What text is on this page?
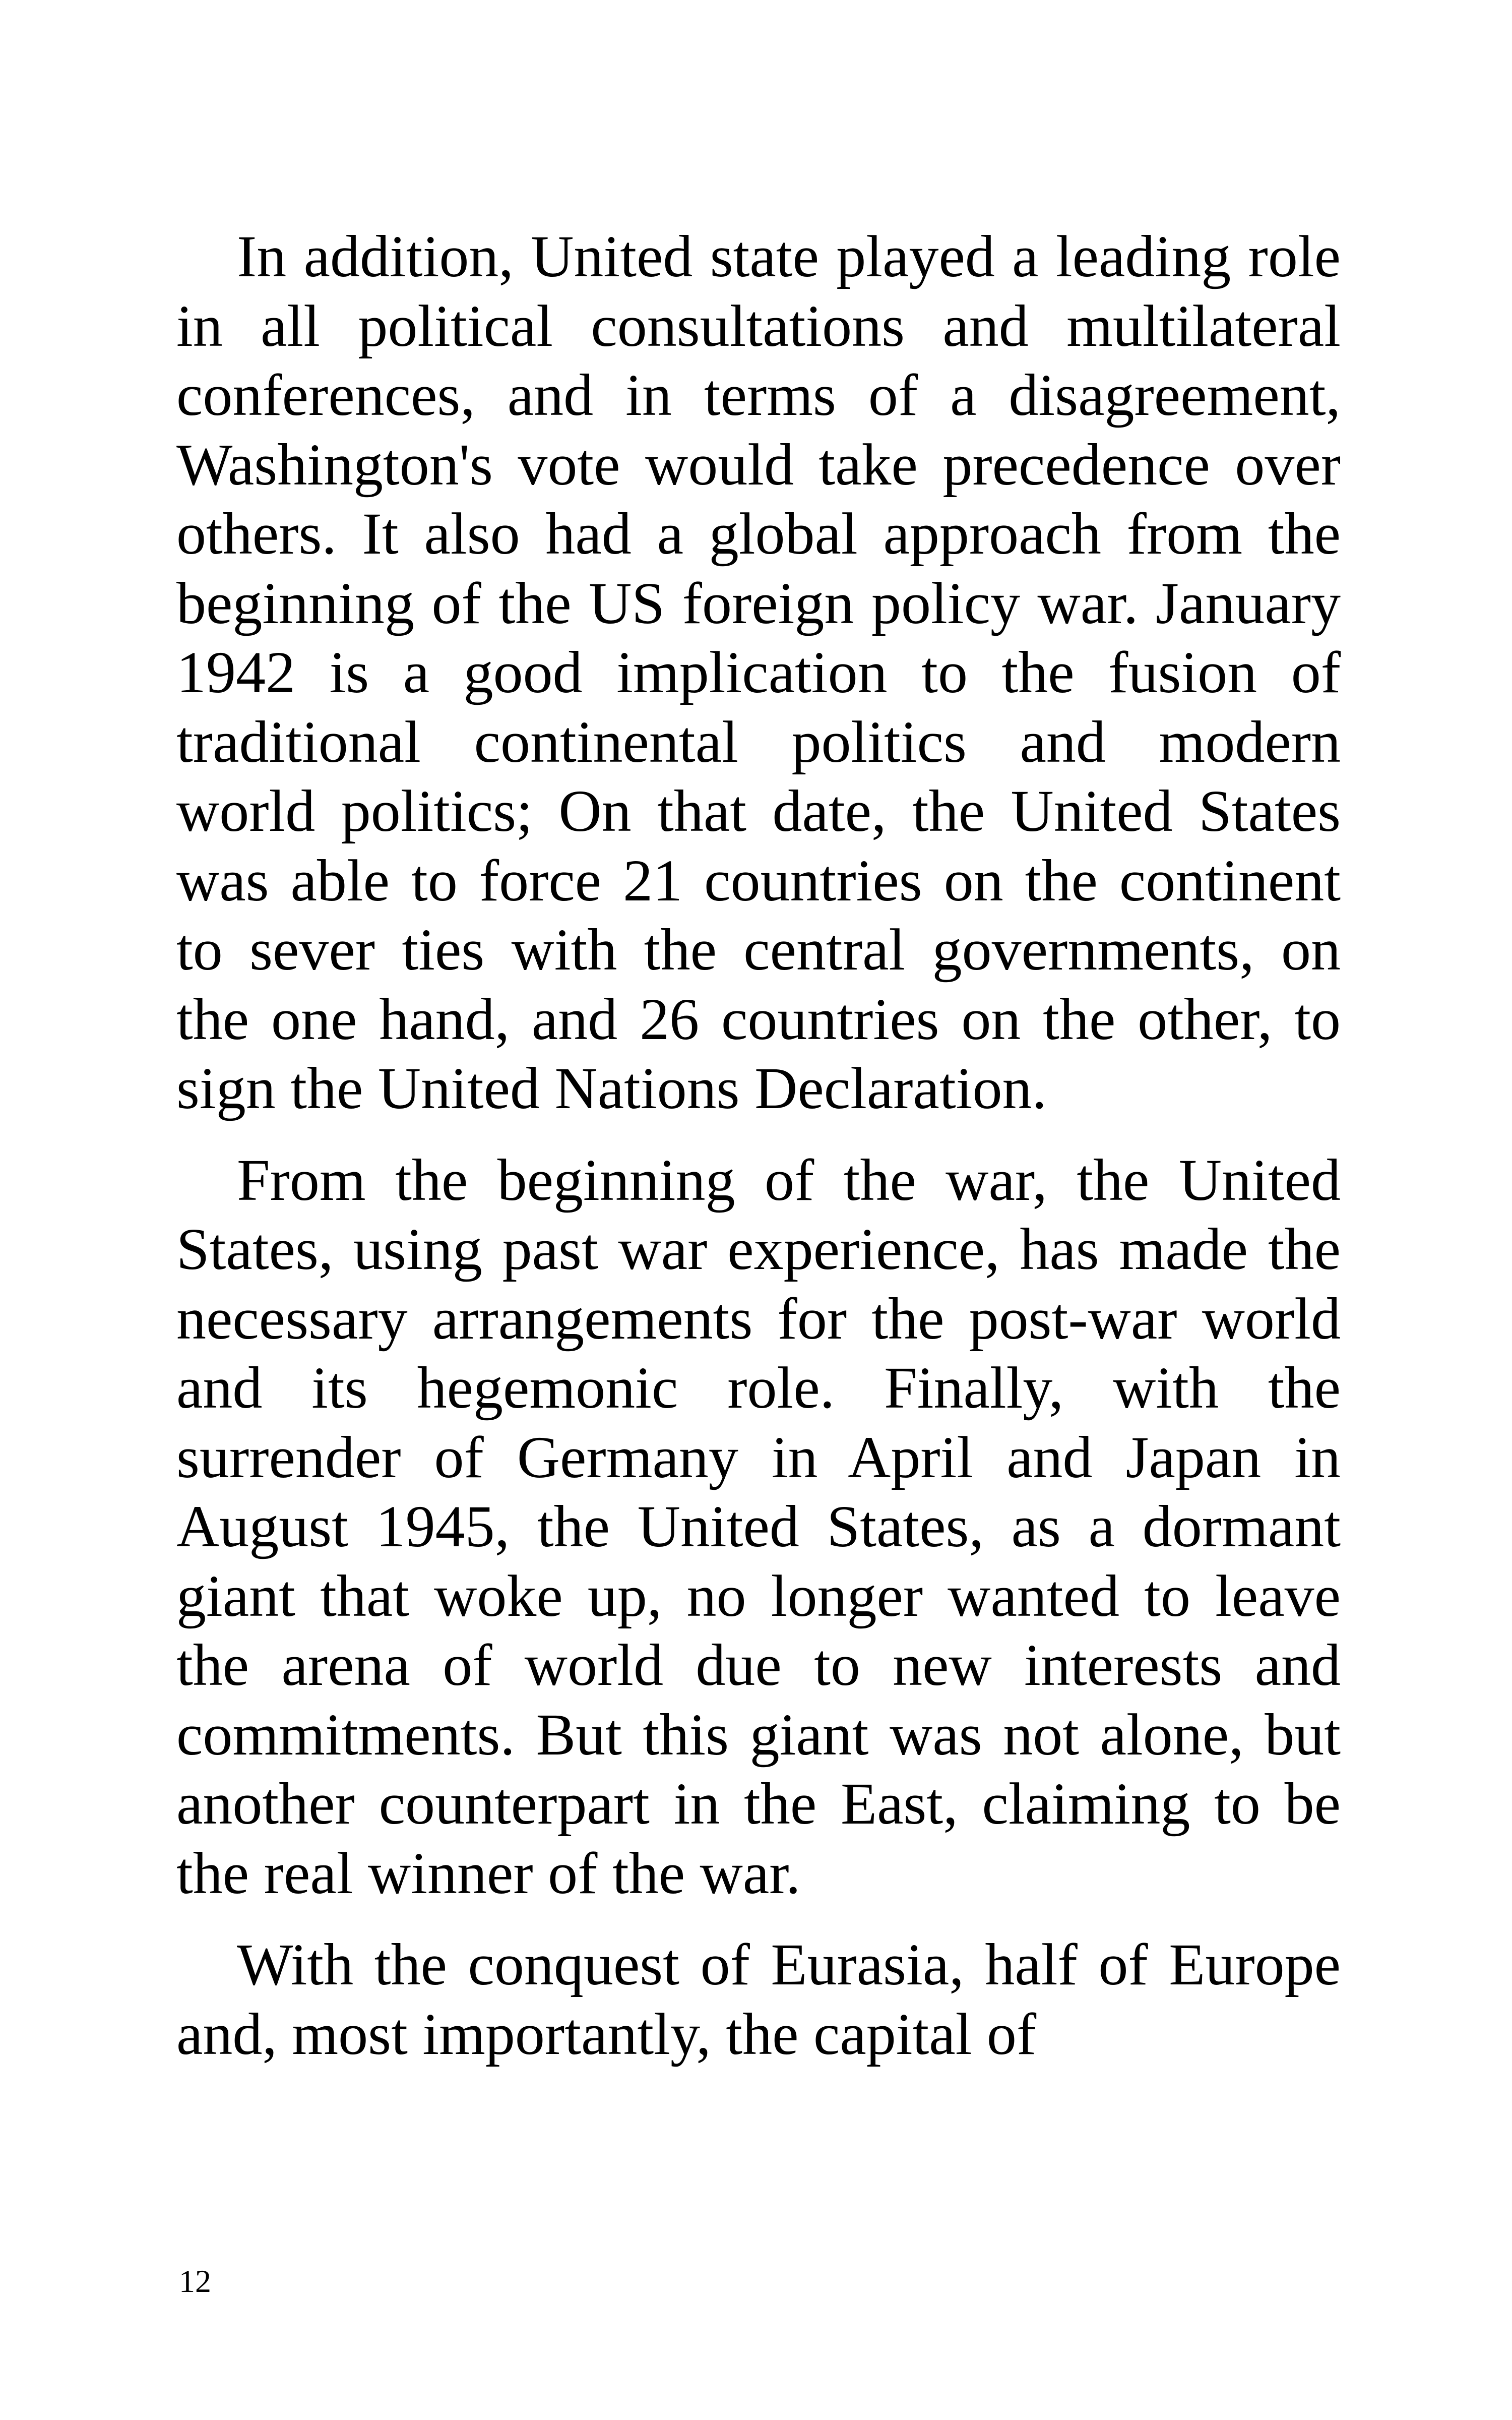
In addition, United state played a leading role in all political consultations and multilateral conferences, and in terms of a disagreement, Washington's vote would take precedence over others. It also had a global approach from the beginning of the US foreign policy war. January 1942 is a good implication to the fusion of traditional continental politics and modern world politics; On that date, the United States was able to force 21 countries on the continent to sever ties with the central governments, on the one hand, and 26 countries on the other, to sign the United Nations Declaration.

From the beginning of the war, the United States, using past war experience, has made the necessary arrangements for the post-war world and its hegemonic role. Finally, with the surrender of Germany in April and Japan in August 1945, the United States, as a dormant giant that woke up, no longer wanted to leave the arena of world due to new interests and commitments. But this giant was not alone, but another counterpart in the East, claiming to be the real winner of the war.

With the conquest of Eurasia, half of Europe and, most importantly, the capital of

12
